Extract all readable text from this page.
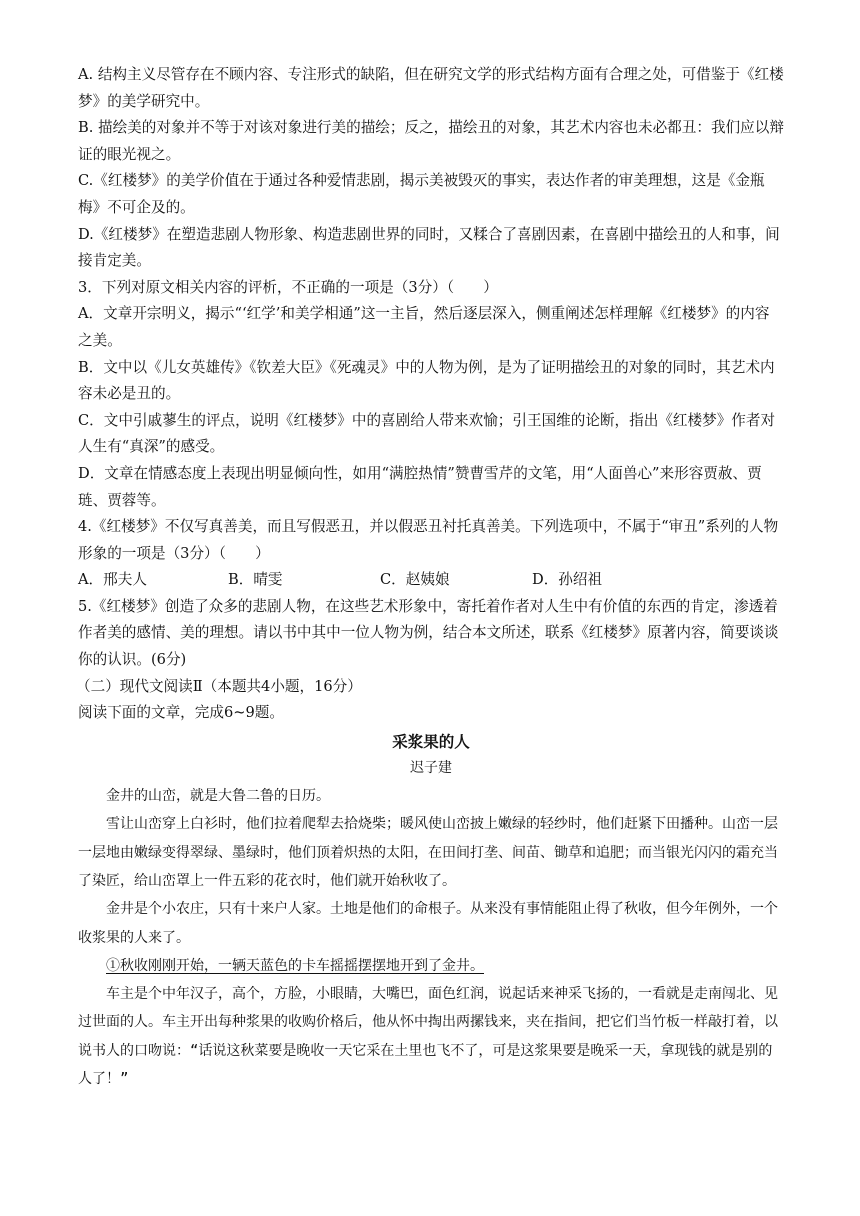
A. 结构主义尽管存在不顾内容、专注形式的缺陷，但在研究文学的形式结构方面有合理之处，可借鉴于《红楼梦》的美学研究中。

B. 描绘美的对象并不等于对该对象进行美的描绘；反之，描绘丑的对象，其艺术内容也未必都丑：我们应以辩证的眼光视之。

C.《红楼梦》的美学价值在于通过各种爱情悲剧，揭示美被毁灭的事实，表达作者的审美理想，这是《金瓶梅》不可企及的。

D.《红楼梦》在塑造悲剧人物形象、构造悲剧世界的同时，又糅合了喜剧因素，在喜剧中描绘丑的人和事，间接肯定美。

3．下列对原文相关内容的评析，不正确的一项是（3分）（　　）

A．文章开宗明义，揭示“‘红学’和美学相通”这一主旨，然后逐层深入，侧重阐述怎样理解《红楼梦》的内容之美。

B．文中以《儿女英雄传》《钦差大臣》《死魂灵》中的人物为例，是为了证明描绘丑的对象的同时，其艺术内容未必是丑的。

C．文中引戚蓼生的评点，说明《红楼梦》中的喜剧给人带来欢愉；引王国维的论断，指出《红楼梦》作者对人生有“真深”的感受。

D．文章在情感态度上表现出明显倾向性，如用“满腔热情”赞曹雪芹的文笔，用“人面兽心”来形容贾赦、贾琏、贾蓉等。

4.《红楼梦》不仅写真善美，而且写假恶丑，并以假恶丑衬托真善美。下列选项中，不属于“审丑”系列的人物形象的一项是（3分）（　　）

A．邢夫人	B．晴雯	C．赵姨娘	D．孙绍祖

5.《红楼梦》创造了众多的悲剧人物，在这些艺术形象中，寄托着作者对人生中有价值的东西的肯定，渗透着作者美的感情、美的理想。请以书中其中一位人物为例，结合本文所述，联系《红楼梦》原著内容，简要谈谈你的认识。(6分)

（二）现代文阅读Ⅱ（本题共4小题，16分）

阅读下面的文章，完成6~9题。

采浆果的人

迟子建

金井的山峦，就是大鲁二鲁的日历。

雪让山峦穿上白衫时，他们拉着爬犁去拾烧柴；暖风使山峦披上嫩绿的轻纱时，他们赶紧下田播种。山峦一层一层地由嫩绿变得翠绿、墨绿时，他们顶着炽热的太阳，在田间打垄、间苗、锄草和追肥；而当银光闪闪的霜充当了染匠，给山峦罩上一件五彩的花衣时，他们就开始秋收了。

金井是个小农庄，只有十来户人家。土地是他们的命根子。从来没有事情能阻止得了秋收，但今年例外，一个收浆果的人来了。

①秋收刚刚开始，一辆天蓝色的卡车摇摇摆摆地开到了金井。

车主是个中年汉子，高个，方脸，小眼睛，大嘴巴，面色红润，说起话来神采飞扬的，一看就是走南闯北、见过世面的人。车主开出每种浆果的收购价格后，他从怀中掏出两摞钱来，夹在指间，把它们当竹板一样敲打着，以说书人的口吻说：“话说这秋菜要是晚收一天它采在土里也飞不了，可是这浆果要是晚采一天，拿现钱的就是别的人了！”
